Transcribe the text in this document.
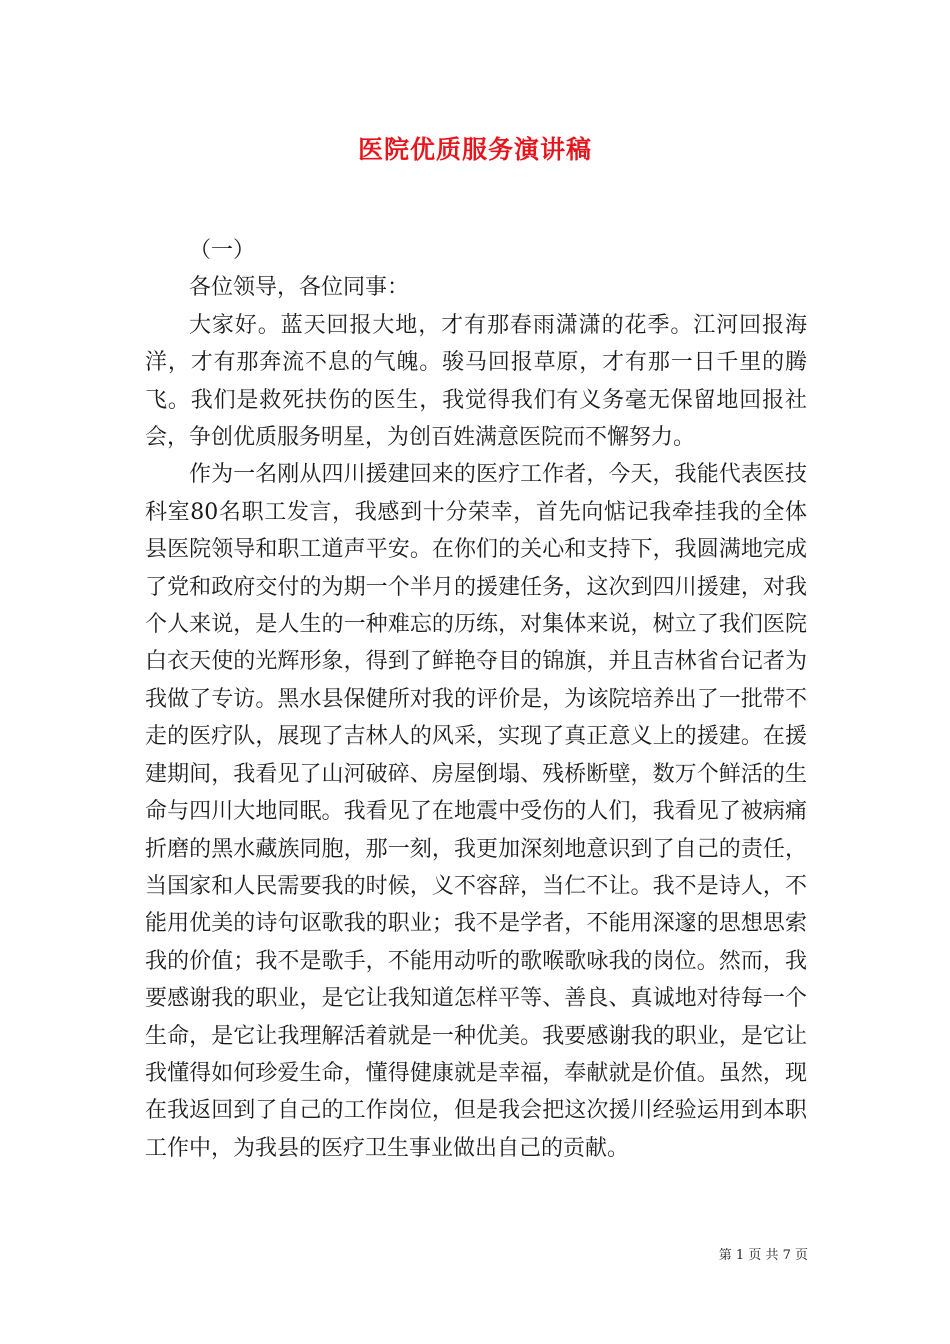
医院优质服务演讲稿

（一）

各位领导，各位同事：

大家好。蓝天回报大地，才有那春雨潇潇的花季。江河回报海洋，才有那奔流不息的气魄。骏马回报草原，才有那一日千里的腾飞。我们是救死扶伤的医生，我觉得我们有义务毫无保留地回报社会，争创优质服务明星，为创百姓满意医院而不懈努力。

作为一名刚从四川援建回来的医疗工作者，今天，我能代表医技科室80名职工发言，我感到十分荣幸，首先向惦记我牵挂我的全体县医院领导和职工道声平安。在你们的关心和支持下，我圆满地完成了党和政府交付的为期一个半月的援建任务，这次到四川援建，对我个人来说，是人生的一种难忘的历练，对集体来说，树立了我们医院白衣天使的光辉形象，得到了鲜艳夺目的锦旗，并且吉林省台记者为我做了专访。黑水县保健所对我的评价是，为该院培养出了一批带不走的医疗队，展现了吉林人的风采，实现了真正意义上的援建。在援建期间，我看见了山河破碎、房屋倒塌、残桥断壁，数万个鲜活的生命与四川大地同眠。我看见了在地震中受伤的人们，我看见了被病痛折磨的黑水藏族同胞，那一刻，我更加深刻地意识到了自己的责任，当国家和人民需要我的时候，义不容辞，当仁不让。我不是诗人，不能用优美的诗句讴歌我的职业；我不是学者，不能用深邃的思想思索我的价值；我不是歌手，不能用动听的歌喉歌咏我的岗位。然而，我要感谢我的职业，是它让我知道怎样平等、善良、真诚地对待每一个生命，是它让我理解活着就是一种优美。我要感谢我的职业，是它让我懂得如何珍爱生命，懂得健康就是幸福，奉献就是价值。虽然，现在我返回到了自己的工作岗位，但是我会把这次援川经验运用到本职工作中，为我县的医疗卫生事业做出自己的贡献。

第 1 页 共 7 页
